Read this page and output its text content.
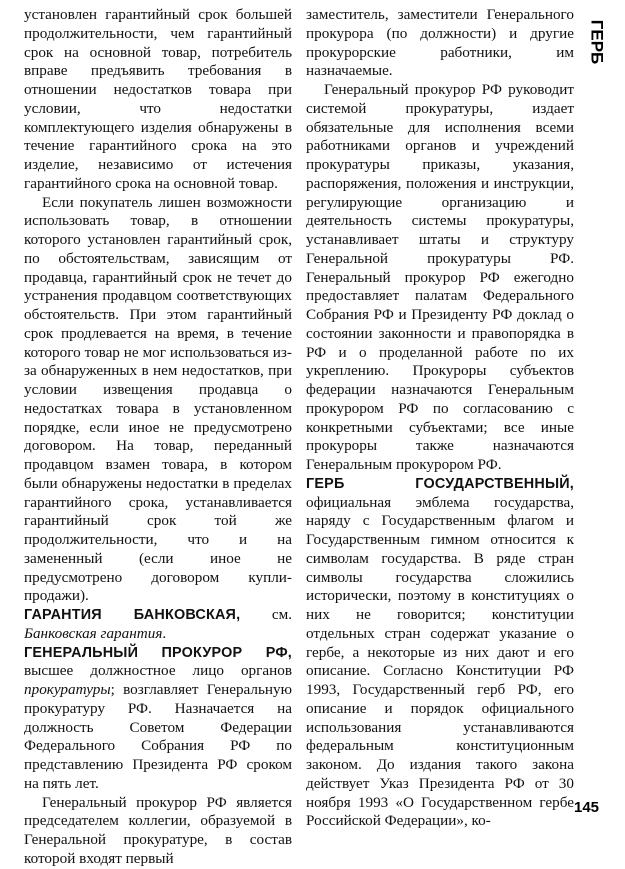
ГЕРБ

установлен гарантийный срок большей продолжительности, чем гарантийный срок на основной товар, потребитель вправе предъявить требования в отношении недостатков товара при условии, что недостатки комплектующего изделия обнаружены в течение гарантийного срока на это изделие, независимо от истечения гарантийного срока на основной товар.

Если покупатель лишен возможности использовать товар, в отношении которого установлен гарантийный срок, по обстоятельствам, зависящим от продавца, гарантийный срок не течет до устранения продавцом соответствующих обстоятельств. При этом гарантийный срок продлевается на время, в течение которого товар не мог использоваться из-за обнаруженных в нем недостатков, при условии извещения продавца о недостатках товара в установленном порядке, если иное не предусмотрено договором. На товар, переданный продавцом взамен товара, в котором были обнаружены недостатки в пределах гарантийного срока, устанавливается гарантийный срок той же продолжительности, что и на замененный (если иное не предусмотрено договором купли-продажи).

ГАРАНТИЯ БАНКОВСКАЯ, см. Банковская гарантия.

ГЕНЕРАЛЬНЫЙ ПРОКУРОР РФ, высшее должностное лицо органов прокуратуры; возглавляет Генеральную прокуратуру РФ. Назначается на должность Советом Федерации Федерального Собрания РФ по представлению Президента РФ сроком на пять лет.

Генеральный прокурор РФ является председателем коллегии, образуемой в Генеральной прокуратуре, в состав которой входят первый

заместитель, заместители Генерального прокурора (по должности) и другие прокурорские работники, им назначаемые.

Генеральный прокурор РФ руководит системой прокуратуры, издает обязательные для исполнения всеми работниками органов и учреждений прокуратуры приказы, указания, распоряжения, положения и инструкции, регулирующие организацию и деятельность системы прокуратуры, устанавливает штаты и структуру Генеральной прокуратуры РФ. Генеральный прокурор РФ ежегодно предоставляет палатам Федерального Собрания РФ и Президенту РФ доклад о состоянии законности и правопорядка в РФ и о проделанной работе по их укреплению. Прокуроры субъектов федерации назначаются Генеральным прокурором РФ по согласованию с конкретными субъектами; все иные прокуроры также назначаются Генеральным прокурором РФ.

ГЕРБ ГОСУДАРСТВЕННЫЙ, официальная эмблема государства, наряду с Государственным флагом и Государственным гимном относится к символам государства. В ряде стран символы государства сложились исторически, поэтому в конституциях о них не говорится; конституции отдельных стран содержат указание о гербе, а некоторые из них дают и его описание. Согласно Конституции РФ 1993, Государственный герб РФ, его описание и порядок официального использования устанавливаются федеральным конституционным законом. До издания такого закона действует Указ Президента РФ от 30 ноября 1993 «О Государственном гербе Российской Федерации», ко-

145
